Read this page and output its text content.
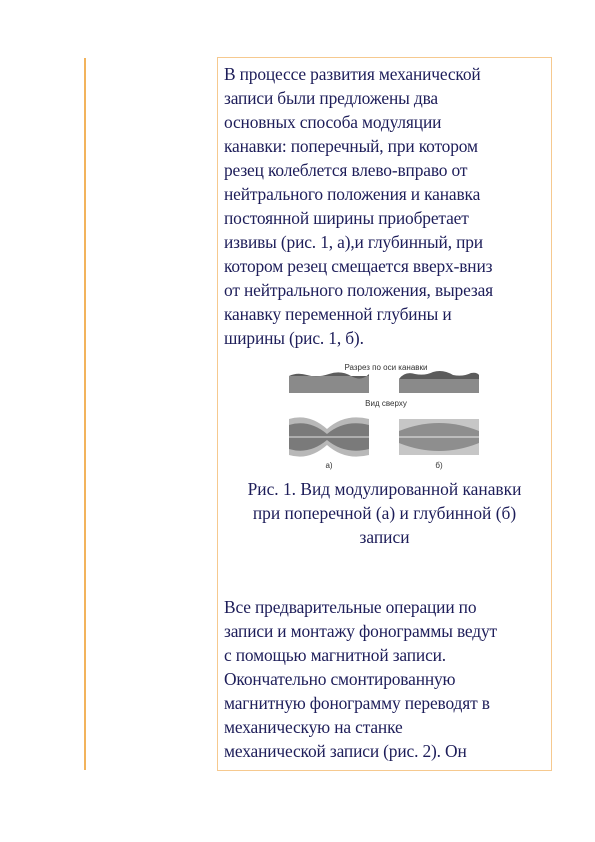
В процессе развития механической
записи были предложены два
основных способа модуляции
канавки: поперечный, при котором
резец колеблется влево-вправо от
нейтрального положения и канавка
постоянной ширины приобретает
извивы (рис. 1, а),и глубинный, при
котором резец смещается вверх-вниз
от нейтрального положения, вырезая
канавку переменной глубины и
ширины (рис. 1, б).

Разрез по оси канавки
Вид сверху
а)	б)

Рис. 1. Вид модулированной канавки
при поперечной (а) и глубинной (б)
записи

Все предварительные операции по
записи и монтажу фонограммы ведут
с помощью магнитной записи.
Окончательно смонтированную
магнитную фонограмму переводят в
механическую на станке
механической записи (рис. 2). Он
